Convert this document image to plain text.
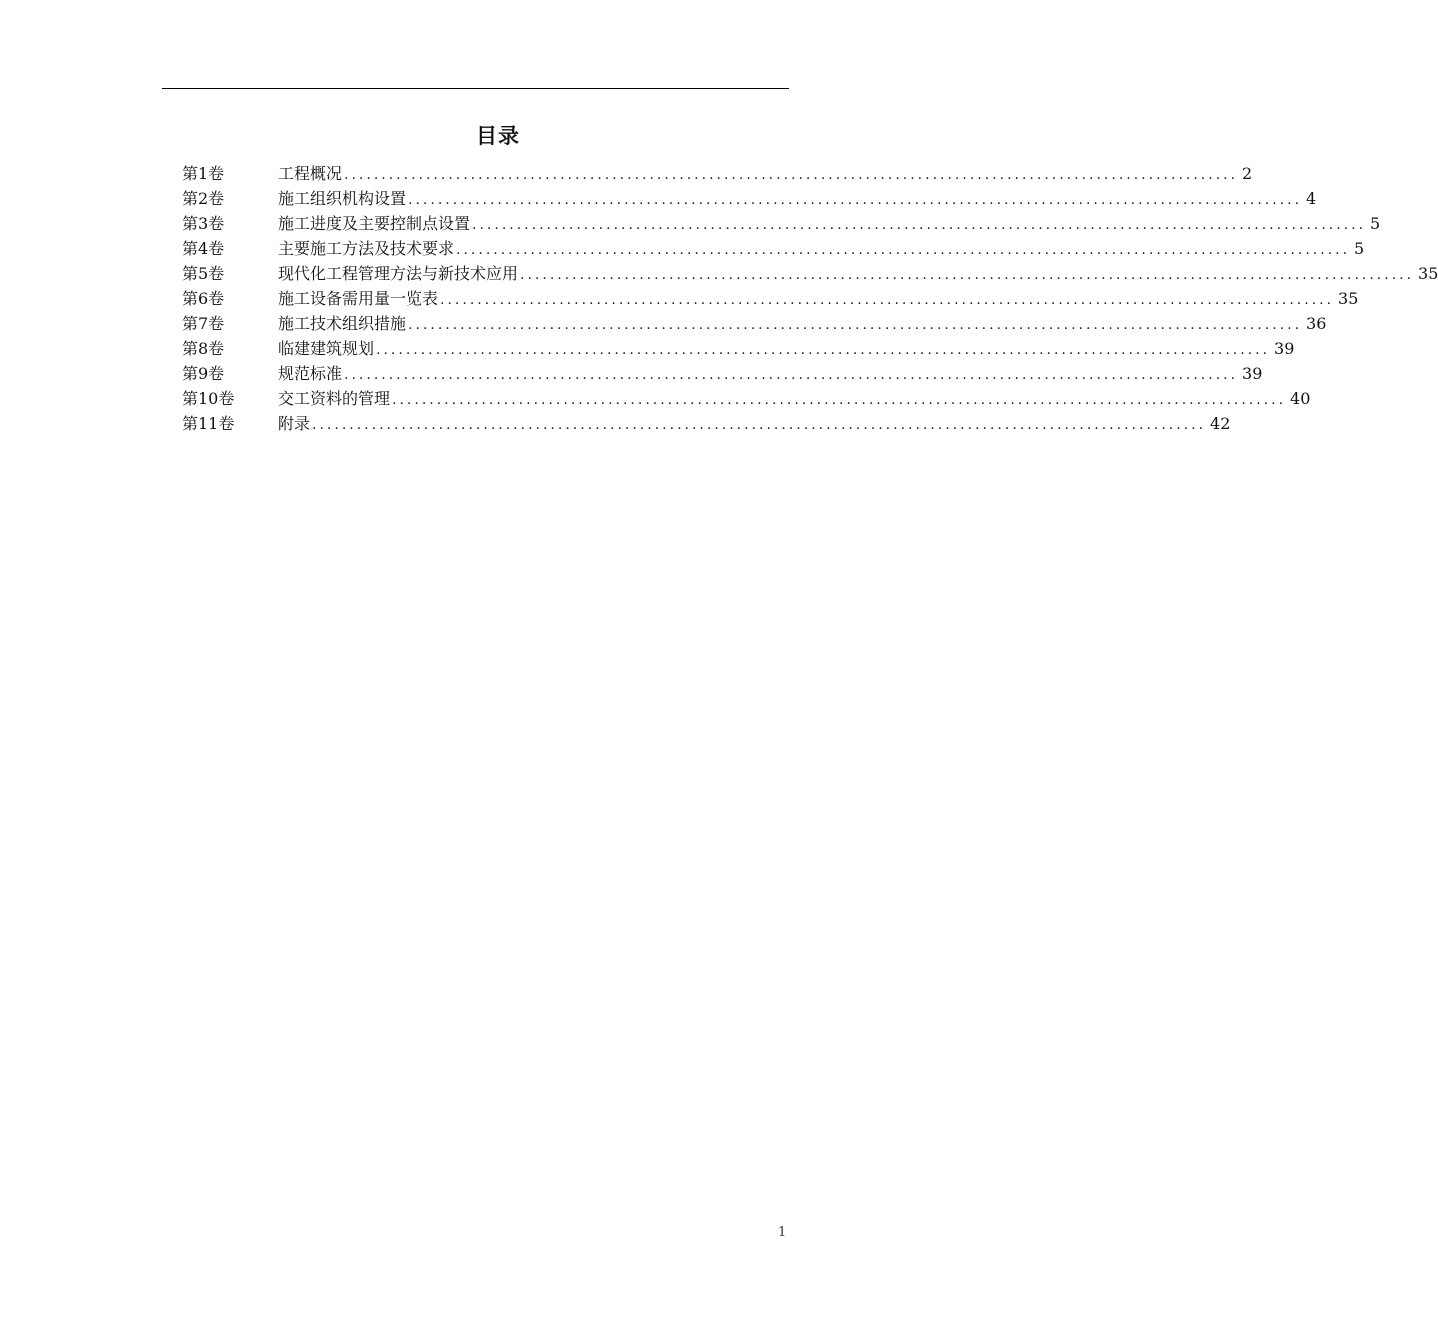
目录
第1卷	工程概况 ........................................................................................................................ 2
第2卷	施工组织机构设置 ........................................................................................................................ 4
第3卷	施工进度及主要控制点设置 ........................................................................................................................ 5
第4卷	主要施工方法及技术要求 ........................................................................................................................ 5
第5卷	现代化工程管理方法与新技术应用 ........................................................................................................................ 35
第6卷	施工设备需用量一览表 ........................................................................................................................ 35
第7卷	施工技术组织措施 ........................................................................................................................ 36
第8卷	临建建筑规划 ........................................................................................................................ 39
第9卷	规范标准 ........................................................................................................................ 39
第10卷	交工资料的管理 ........................................................................................................................ 40
第11卷	附录 ........................................................................................................................ 42
1
